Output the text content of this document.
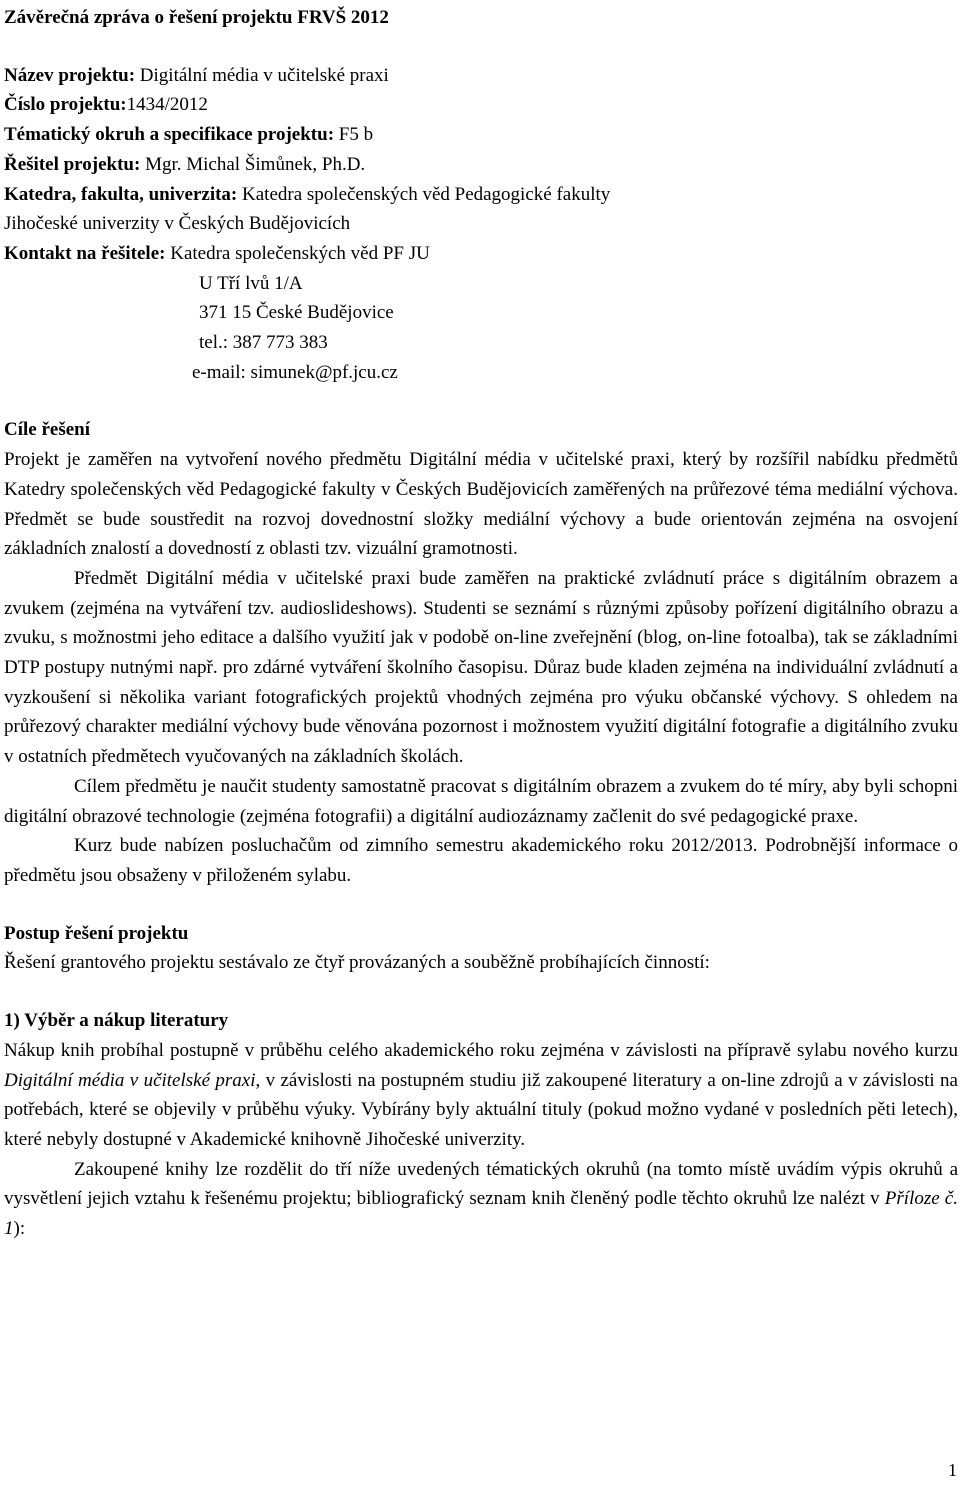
Závěrečná zpráva o řešení projektu FRVŠ 2012

Název projektu: Digitální média v učitelské praxi

Číslo projektu:1434/2012

Tématický okruh a specifikace projektu: F5 b

Řešitel projektu: Mgr. Michal Šimůnek, Ph.D.

Katedra, fakulta, univerzita: Katedra společenských věd Pedagogické fakulty

Jihočeské univerzity v Českých Budějovicích

Kontakt na řešitele: Katedra společenských věd PF JU

U Tří lvů 1/A

371 15 České Budějovice

tel.: 387 773 383

e-mail: simunek@pf.jcu.cz

Cíle řešení

Projekt je zaměřen na vytvoření nového předmětu Digitální média v učitelské praxi, který by rozšířil nabídku předmětů Katedry společenských věd Pedagogické fakulty v Českých Budějovicích zaměřených na průřezové téma mediální výchova. Předmět se bude soustředit na rozvoj dovednostní složky mediální výchovy a bude orientován zejména na osvojení základních znalostí a dovedností z oblasti tzv. vizuální gramotnosti.

Předmět Digitální média v učitelské praxi bude zaměřen na praktické zvládnutí práce s digitálním obrazem a zvukem (zejména na vytváření tzv. audioslideshows). Studenti se seznámí s různými způsoby pořízení digitálního obrazu a zvuku, s možnostmi jeho editace a dalšího využití jak v podobě on-line zveřejnění (blog, on-line fotoalba), tak se základními DTP postupy nutnými např. pro zdárné vytváření školního časopisu. Důraz bude kladen zejména na individuální zvládnutí a vyzkoušení si několika variant fotografických projektů vhodných zejména pro výuku občanské výchovy. S ohledem na průřezový charakter mediální výchovy bude věnována pozornost i možnostem využití digitální fotografie a digitálního zvuku v ostatních předmětech vyučovaných na základních školách.

Cílem předmětu je naučit studenty samostatně pracovat s digitálním obrazem a zvukem do té míry, aby byli schopni digitální obrazové technologie (zejména fotografii) a digitální audiozáznamy začlenit do své pedagogické praxe.

Kurz bude nabízen posluchačům od zimního semestru akademického roku 2012/2013. Podrobnější informace o předmětu jsou obsaženy v přiloženém sylabu.

Postup řešení projektu

Řešení grantového projektu sestávalo ze čtyř provázaných a souběžně probíhajících činností:

1) Výběr a nákup literatury

Nákup knih probíhal postupně v průběhu celého akademického roku zejména v závislosti na přípravě sylabu nového kurzu Digitální média v učitelské praxi, v závislosti na postupném studiu již zakoupené literatury a on-line zdrojů a v závislosti na potřebách, které se objevily v průběhu výuky. Vybírány byly aktuální tituly (pokud možno vydané v posledních pěti letech), které nebyly dostupné v Akademické knihovně Jihočeské univerzity.

Zakoupené knihy lze rozdělit do tří níže uvedených tématických okruhů (na tomto místě uvádím výpis okruhů a vysvětlení jejich vztahu k řešenému projektu; bibliografický seznam knih členěný podle těchto okruhů lze nalézt v Příloze č. 1):

1
